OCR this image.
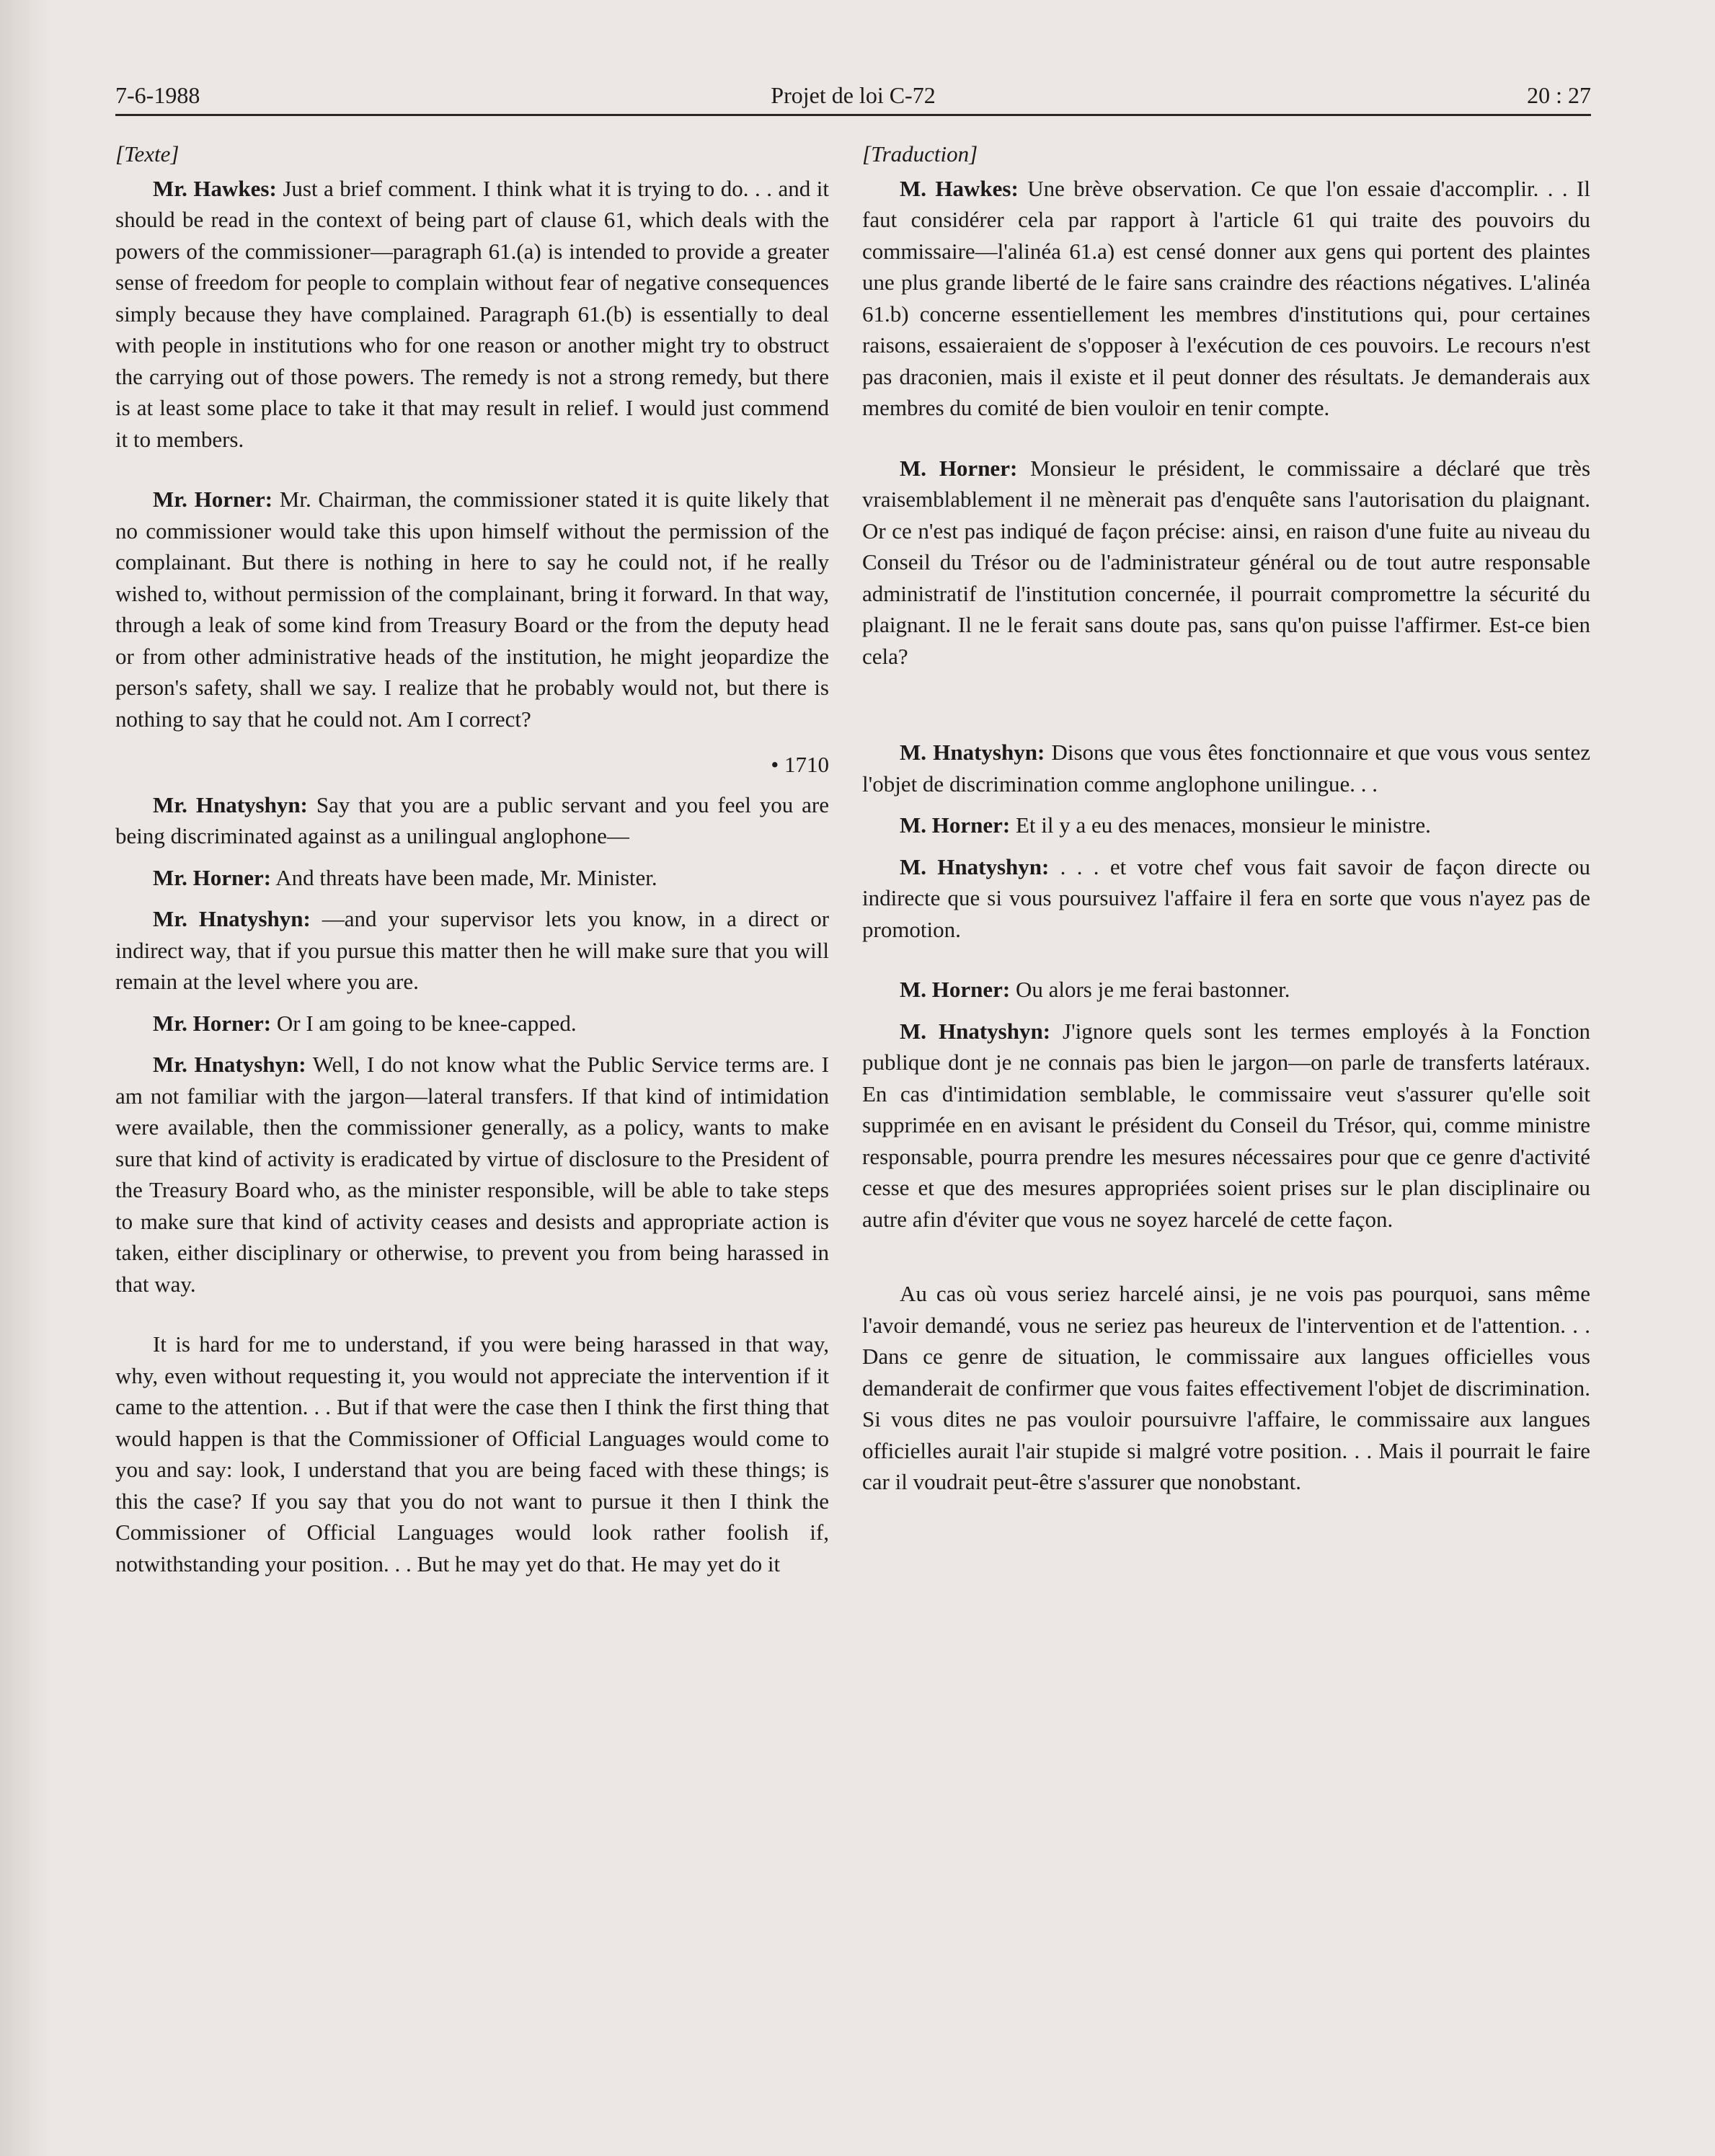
7-6-1988	Projet de loi C-72	20 : 27
[Texte]

Mr. Hawkes: Just a brief comment. I think what it is trying to do. . . and it should be read in the context of being part of clause 61, which deals with the powers of the commissioner—paragraph 61.(a) is intended to provide a greater sense of freedom for people to complain without fear of negative consequences simply because they have complained. Paragraph 61.(b) is essentially to deal with people in institutions who for one reason or another might try to obstruct the carrying out of those powers. The remedy is not a strong remedy, but there is at least some place to take it that may result in relief. I would just commend it to members.

Mr. Horner: Mr. Chairman, the commissioner stated it is quite likely that no commissioner would take this upon himself without the permission of the complainant. But there is nothing in here to say he could not, if he really wished to, without permission of the complainant, bring it forward. In that way, through a leak of some kind from Treasury Board or the from the deputy head or from other administrative heads of the institution, he might jeopardize the person's safety, shall we say. I realize that he probably would not, but there is nothing to say that he could not. Am I correct?

• 1710

Mr. Hnatyshyn: Say that you are a public servant and you feel you are being discriminated against as a unilingual anglophone—

Mr. Horner: And threats have been made, Mr. Minister.

Mr. Hnatyshyn: —and your supervisor lets you know, in a direct or indirect way, that if you pursue this matter then he will make sure that you will remain at the level where you are.

Mr. Horner: Or I am going to be knee-capped.

Mr. Hnatyshyn: Well, I do not know what the Public Service terms are. I am not familiar with the jargon—lateral transfers. If that kind of intimidation were available, then the commissioner generally, as a policy, wants to make sure that kind of activity is eradicated by virtue of disclosure to the President of the Treasury Board who, as the minister responsible, will be able to take steps to make sure that kind of activity ceases and desists and appropriate action is taken, either disciplinary or otherwise, to prevent you from being harassed in that way.

It is hard for me to understand, if you were being harassed in that way, why, even without requesting it, you would not appreciate the intervention if it came to the attention. . . But if that were the case then I think the first thing that would happen is that the Commissioner of Official Languages would come to you and say: look, I understand that you are being faced with these things; is this the case? If you say that you do not want to pursue it then I think the Commissioner of Official Languages would look rather foolish if, notwithstanding your position. . . But he may yet do that. He may yet do it

[Traduction]

M. Hawkes: Une brève observation. Ce que l'on essaie d'accomplir. . . Il faut considérer cela par rapport à l'article 61 qui traite des pouvoirs du commissaire—l'alinéa 61.a) est censé donner aux gens qui portent des plaintes une plus grande liberté de le faire sans craindre des réactions négatives. L'alinéa 61.b) concerne essentiellement les membres d'institutions qui, pour certaines raisons, essaieraient de s'opposer à l'exécution de ces pouvoirs. Le recours n'est pas draconien, mais il existe et il peut donner des résultats. Je demanderais aux membres du comité de bien vouloir en tenir compte.

M. Horner: Monsieur le président, le commissaire a déclaré que très vraisemblablement il ne mènerait pas d'enquête sans l'autorisation du plaignant. Or ce n'est pas indiqué de façon précise: ainsi, en raison d'une fuite au niveau du Conseil du Trésor ou de l'administrateur général ou de tout autre responsable administratif de l'institution concernée, il pourrait compromettre la sécurité du plaignant. Il ne le ferait sans doute pas, sans qu'on puisse l'affirmer. Est-ce bien cela?

M. Hnatyshyn: Disons que vous êtes fonctionnaire et que vous vous sentez l'objet de discrimination comme anglophone unilingue. . .

M. Horner: Et il y a eu des menaces, monsieur le ministre.

M. Hnatyshyn: . . . et votre chef vous fait savoir de façon directe ou indirecte que si vous poursuivez l'affaire il fera en sorte que vous n'ayez pas de promotion.

M. Horner: Ou alors je me ferai bastonner.

M. Hnatyshyn: J'ignore quels sont les termes employés à la Fonction publique dont je ne connais pas bien le jargon—on parle de transferts latéraux. En cas d'intimidation semblable, le commissaire veut s'assurer qu'elle soit supprimée en en avisant le président du Conseil du Trésor, qui, comme ministre responsable, pourra prendre les mesures nécessaires pour que ce genre d'activité cesse et que des mesures appropriées soient prises sur le plan disciplinaire ou autre afin d'éviter que vous ne soyez harcelé de cette façon.

Au cas où vous seriez harcelé ainsi, je ne vois pas pourquoi, sans même l'avoir demandé, vous ne seriez pas heureux de l'intervention et de l'attention. . . Dans ce genre de situation, le commissaire aux langues officielles vous demanderait de confirmer que vous faites effectivement l'objet de discrimination. Si vous dites ne pas vouloir poursuivre l'affaire, le commissaire aux langues officielles aurait l'air stupide si malgré votre position. . . Mais il pourrait le faire car il voudrait peut-être s'assurer que nonobstant.
